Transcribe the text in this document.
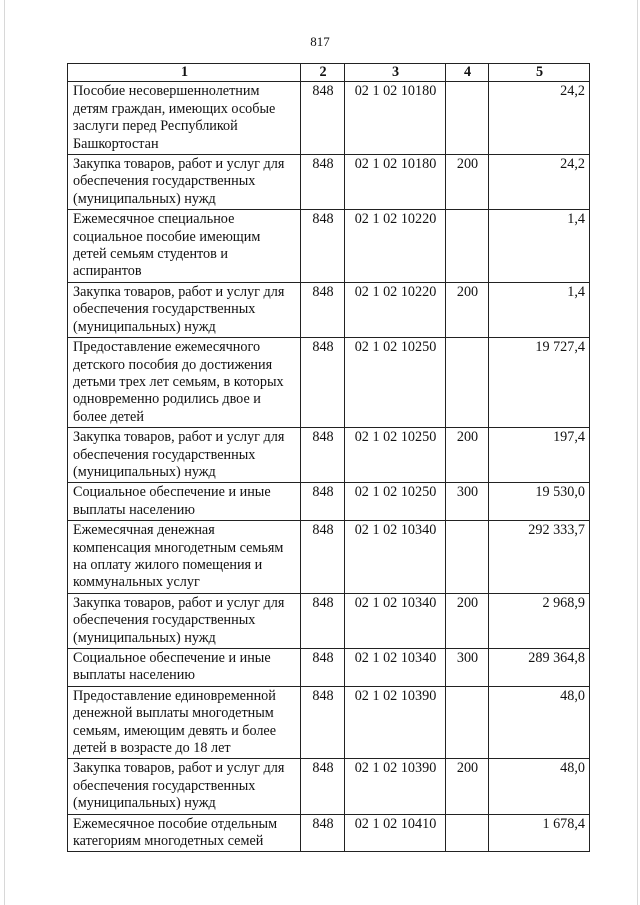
817
1	2	3	4	5
Пособие несовершеннолетним детям граждан, имеющих особые заслуги перед Республикой Башкортостан	848	02 1 02 10180		24,2
Закупка товаров, работ и услуг для обеспечения государственных (муниципальных) нужд	848	02 1 02 10180	200	24,2
Ежемесячное специальное социальное пособие имеющим детей семьям студентов и аспирантов	848	02 1 02 10220		1,4
Закупка товаров, работ и услуг для обеспечения государственных (муниципальных) нужд	848	02 1 02 10220	200	1,4
Предоставление ежемесячного детского пособия до достижения детьми трех лет семьям, в которых одновременно родились двое и более детей	848	02 1 02 10250		19 727,4
Закупка товаров, работ и услуг для обеспечения государственных (муниципальных) нужд	848	02 1 02 10250	200	197,4
Социальное обеспечение и иные выплаты населению	848	02 1 02 10250	300	19 530,0
Ежемесячная денежная компенсация многодетным семьям на оплату жилого помещения и коммунальных услуг	848	02 1 02 10340		292 333,7
Закупка товаров, работ и услуг для обеспечения государственных (муниципальных) нужд	848	02 1 02 10340	200	2 968,9
Социальное обеспечение и иные выплаты населению	848	02 1 02 10340	300	289 364,8
Предоставление единовременной денежной выплаты многодетным семьям, имеющим девять и более детей в возрасте до 18 лет	848	02 1 02 10390		48,0
Закупка товаров, работ и услуг для обеспечения государственных (муниципальных) нужд	848	02 1 02 10390	200	48,0
Ежемесячное пособие отдельным категориям многодетных семей	848	02 1 02 10410		1 678,4
